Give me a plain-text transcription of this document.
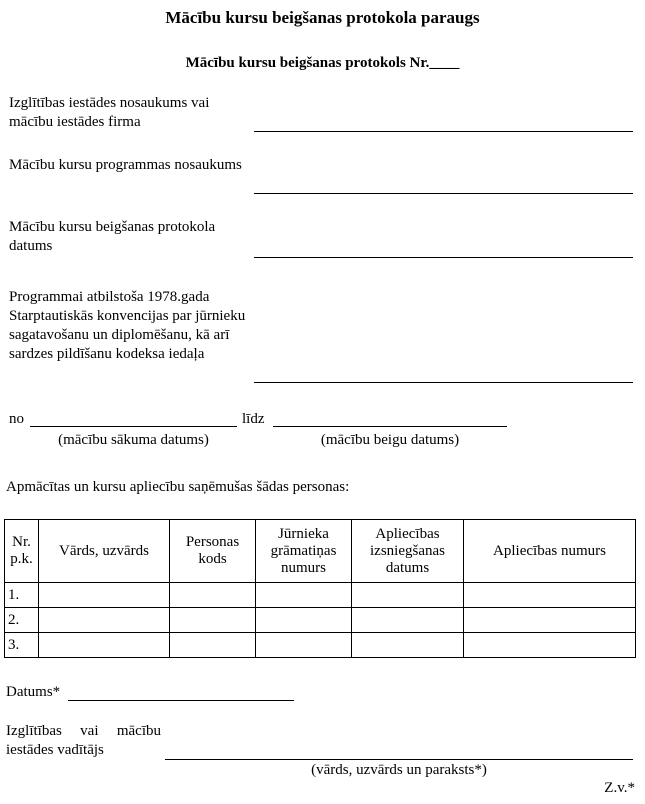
Mācību kursu beigšanas protokola paraugs
Mācību kursu beigšanas protokols Nr.____
Izglītības iestādes nosaukums vai mācību iestādes firma
Mācību kursu programmas nosaukums
Mācību kursu beigšanas protokola datums
Programmai atbilstoša 1978.gada Starptautiskās konvencijas par jūrnieku sagatavošanu un diplomēšanu, kā arī sardzes pildīšanu kodeksa iedaļa
no	līdz
(mācību sākuma datums)	(mācību beigu datums)
Apmācītas un kursu apliecību saņēmušas šādas personas:
Nr. p.k.	Vārds, uzvārds	Personas kods	Jūrnieka grāmatiņas numurs	Apliecības izsniegšanas datums	Apliecības numurs
1.					
2.					
3.					
Datums*
Izglītības vai mācību iestādes vadītājs
(vārds, uzvārds un paraksts*)
Z.v.*
